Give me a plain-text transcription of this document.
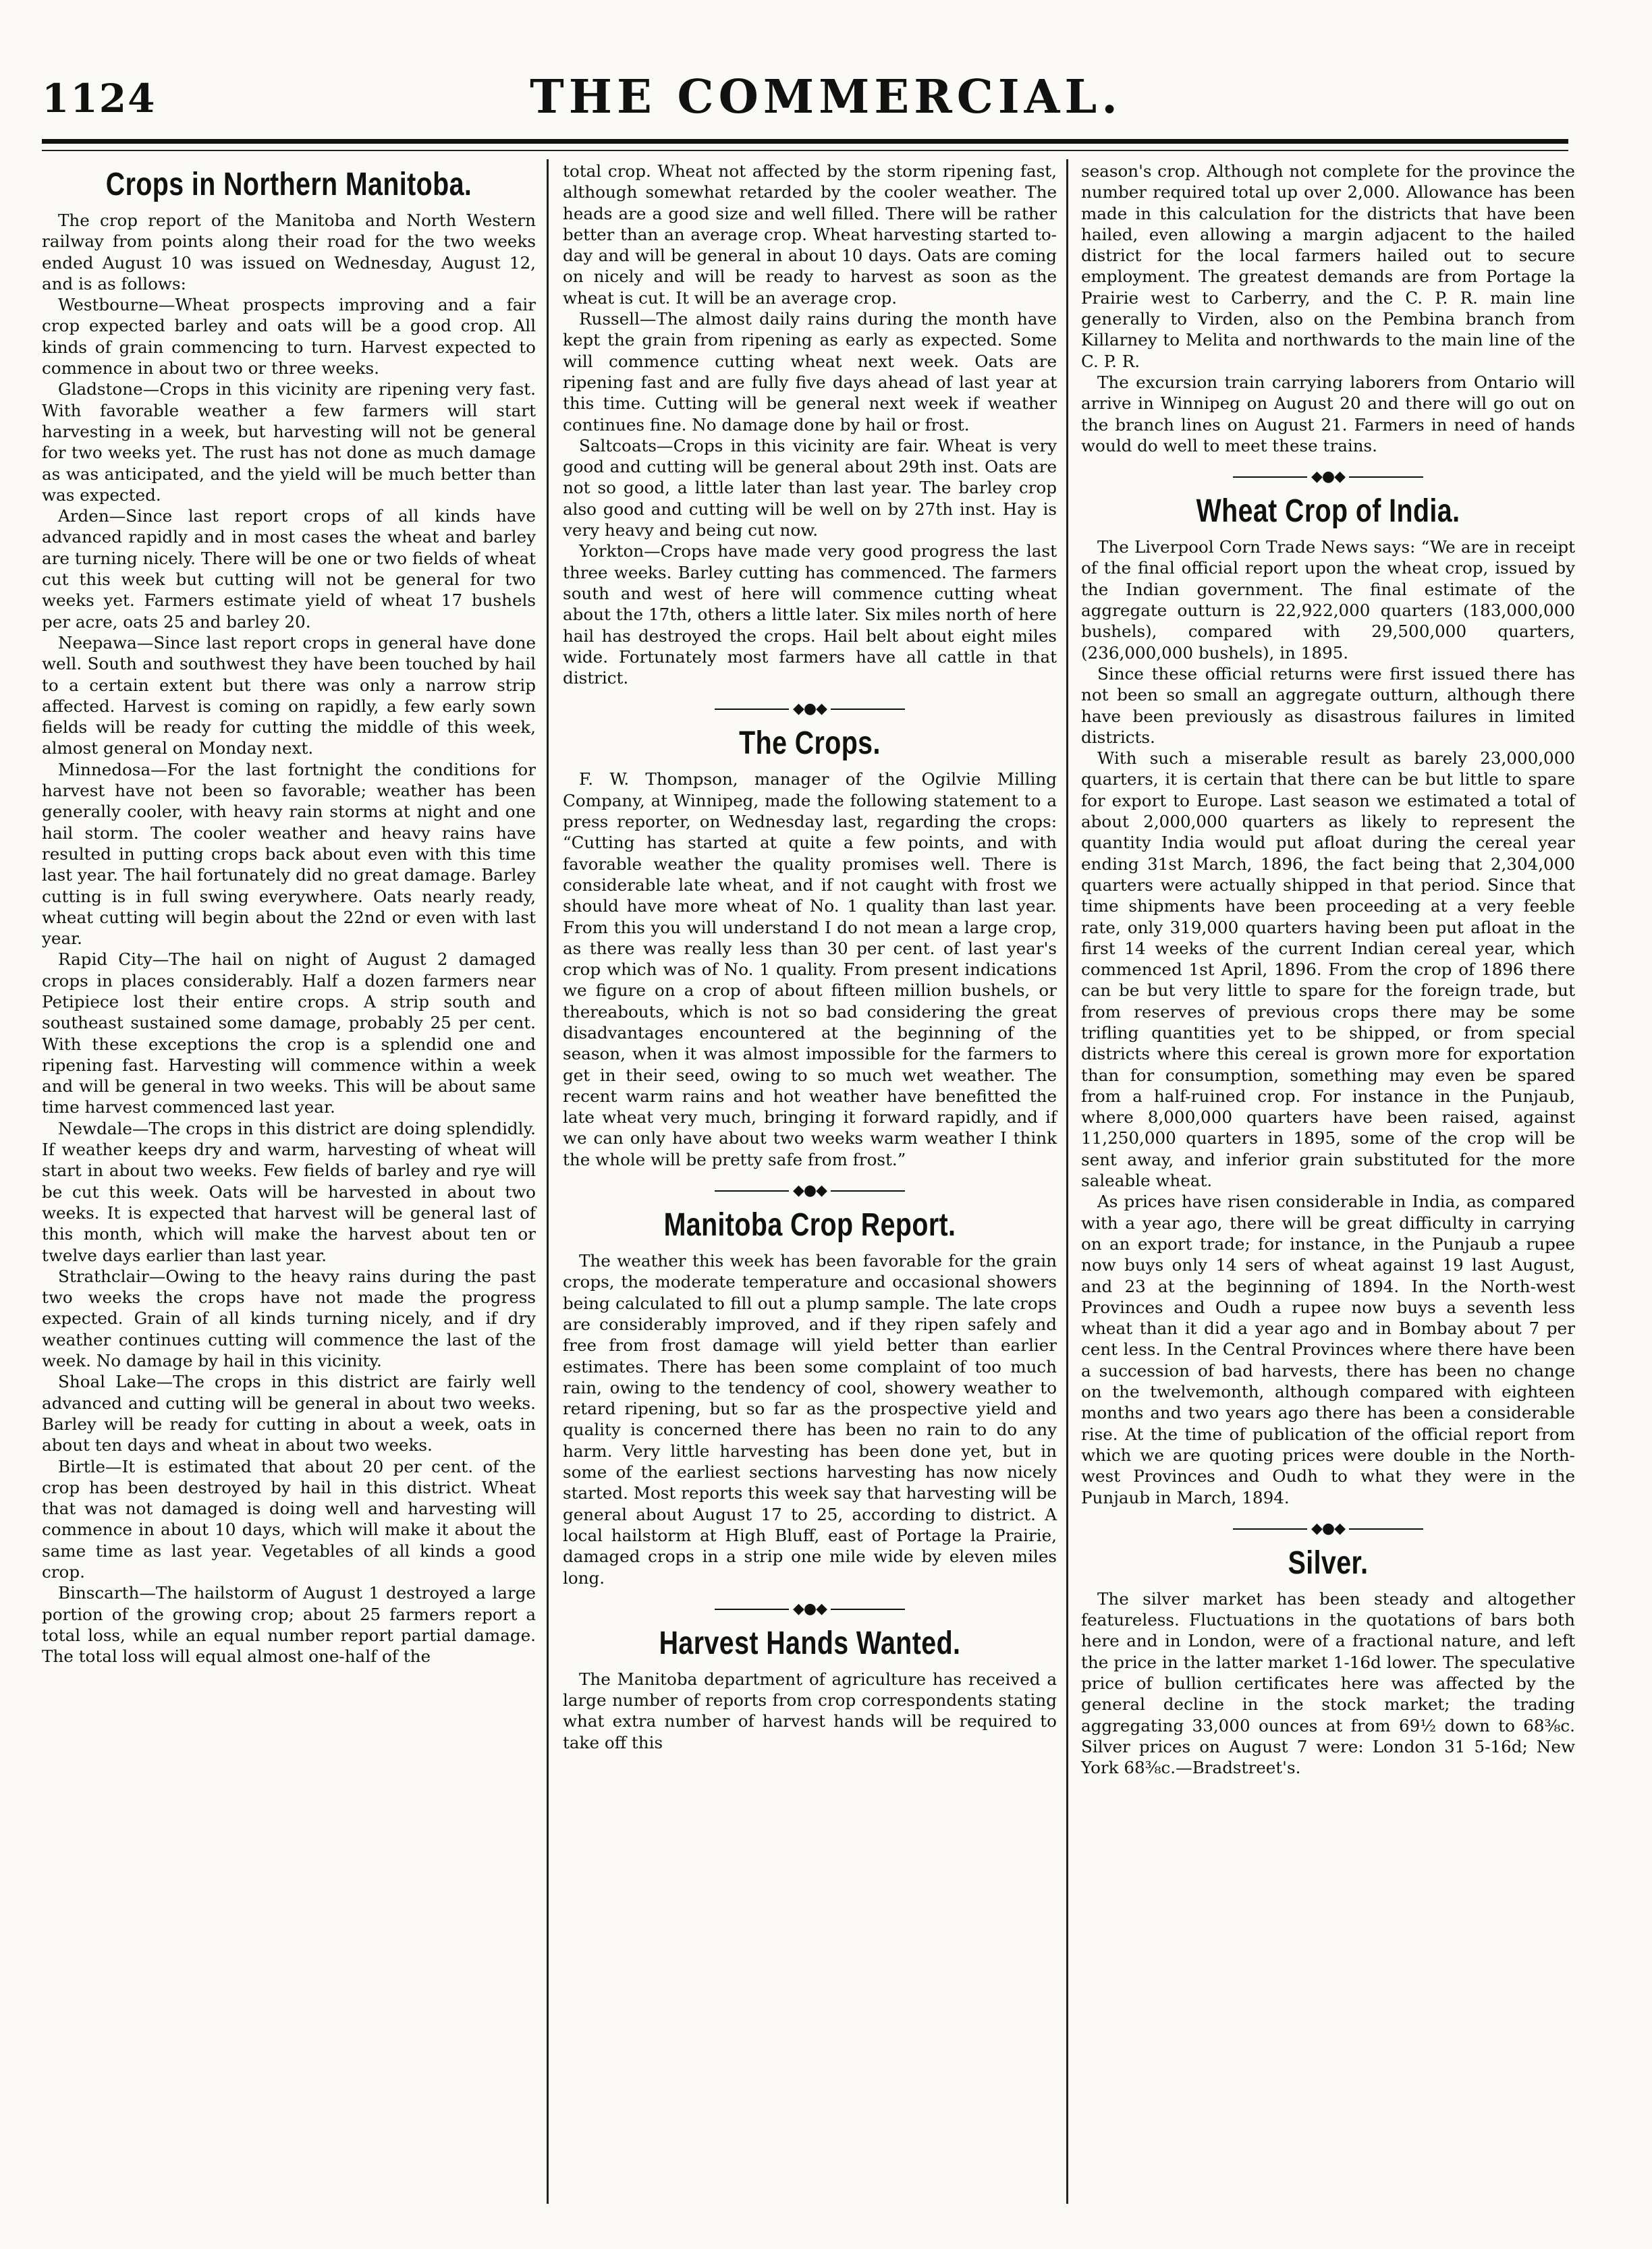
1124	THE COMMERCIAL.
Crops in Northern Manitoba.

The crop report of the Manitoba and North Western railway from points along their road for the two weeks ended August 10 was issued on Wednesday, August 12, and is as follows:

Westbourne—Wheat prospects improving and a fair crop expected barley and oats will be a good crop. All kinds of grain commencing to turn. Harvest expected to commence in about two or three weeks.

Gladstone—Crops in this vicinity are ripening very fast. With favorable weather a few farmers will start harvesting in a week, but harvesting will not be general for two weeks yet. The rust has not done as much damage as was anticipated, and the yield will be much better than was expected.

Arden—Since last report crops of all kinds have advanced rapidly and in most cases the wheat and barley are turning nicely. There will be one or two fields of wheat cut this week but cutting will not be general for two weeks yet. Farmers estimate yield of wheat 17 bushels per acre, oats 25 and barley 20.

Neepawa—Since last report crops in general have done well. South and southwest they have been touched by hail to a certain extent but there was only a narrow strip affected. Harvest is coming on rapidly, a few early sown fields will be ready for cutting the middle of this week, almost general on Monday next.

Minnedosa—For the last fortnight the conditions for harvest have not been so favorable; weather has been generally cooler, with heavy rain storms at night and one hail storm. The cooler weather and heavy rains have resulted in putting crops back about even with this time last year. The hail fortunately did no great damage. Barley cutting is in full swing everywhere. Oats nearly ready, wheat cutting will begin about the 22nd or even with last year.

Rapid City—The hail on night of August 2 damaged crops in places considerably. Half a dozen farmers near Petipiece lost their entire crops. A strip south and southeast sustained some damage, probably 25 per cent. With these exceptions the crop is a splendid one and ripening fast. Harvesting will commence within a week and will be general in two weeks. This will be about same time harvest commenced last year.

Newdale—The crops in this district are doing splendidly. If weather keeps dry and warm, harvesting of wheat will start in about two weeks. Few fields of barley and rye will be cut this week. Oats will be harvested in about two weeks. It is expected that harvest will be general last of this month, which will make the harvest about ten or twelve days earlier than last year.

Strathclair—Owing to the heavy rains during the past two weeks the crops have not made the progress expected. Grain of all kinds turning nicely, and if dry weather continues cutting will commence the last of the week. No damage by hail in this vicinity.

Shoal Lake—The crops in this district are fairly well advanced and cutting will be general in about two weeks. Barley will be ready for cutting in about a week, oats in about ten days and wheat in about two weeks.

Birtle—It is estimated that about 20 per cent. of the crop has been destroyed by hail in this district. Wheat that was not damaged is doing well and harvesting will commence in about 10 days, which will make it about the same time as last year. Vegetables of all kinds a good crop.

Binscarth—The hailstorm of August 1 destroyed a large portion of the growing crop; about 25 farmers report a total loss, while an equal number report partial damage. The total loss will equal almost one-half of the

total crop. Wheat not affected by the storm ripening fast, although somewhat retarded by the cooler weather. The heads are a good size and well filled. There will be rather better than an average crop. Wheat harvesting started to-day and will be general in about 10 days. Oats are coming on nicely and will be ready to harvest as soon as the wheat is cut. It will be an average crop.

Russell—The almost daily rains during the month have kept the grain from ripening as early as expected. Some will commence cutting wheat next week. Oats are ripening fast and are fully five days ahead of last year at this time. Cutting will be general next week if weather continues fine. No damage done by hail or frost.

Saltcoats—Crops in this vicinity are fair. Wheat is very good and cutting will be general about 29th inst. Oats are not so good, a little later than last year. The barley crop also good and cutting will be well on by 27th inst. Hay is very heavy and being cut now.

Yorkton—Crops have made very good progress the last three weeks. Barley cutting has commenced. The farmers south and west of here will commence cutting wheat about the 17th, others a little later. Six miles north of here hail has destroyed the crops. Hail belt about eight miles wide. Fortunately most farmers have all cattle in that district.

◆●◆
The Crops.

F. W. Thompson, manager of the Ogilvie Milling Company, at Winnipeg, made the following statement to a press reporter, on Wednesday last, regarding the crops: “Cutting has started at quite a few points, and with favorable weather the quality promises well. There is considerable late wheat, and if not caught with frost we should have more wheat of No. 1 quality than last year. From this you will understand I do not mean a large crop, as there was really less than 30 per cent. of last year's crop which was of No. 1 quality. From present indications we figure on a crop of about fifteen million bushels, or thereabouts, which is not so bad considering the great disadvantages encountered at the beginning of the season, when it was almost impossible for the farmers to get in their seed, owing to so much wet weather. The recent warm rains and hot weather have benefitted the late wheat very much, bringing it forward rapidly, and if we can only have about two weeks warm weather I think the whole will be pretty safe from frost.”

◆●◆
Manitoba Crop Report.

The weather this week has been favorable for the grain crops, the moderate temperature and occasional showers being calculated to fill out a plump sample. The late crops are considerably improved, and if they ripen safely and free from frost damage will yield better than earlier estimates. There has been some complaint of too much rain, owing to the tendency of cool, showery weather to retard ripening, but so far as the prospective yield and quality is concerned there has been no rain to do any harm. Very little harvesting has been done yet, but in some of the earliest sections harvesting has now nicely started. Most reports this week say that harvesting will be general about August 17 to 25, according to district. A local hailstorm at High Bluff, east of Portage la Prairie, damaged crops in a strip one mile wide by eleven miles long.

◆●◆
Harvest Hands Wanted.

The Manitoba department of agriculture has received a large number of reports from crop correspondents stating what extra number of harvest hands will be required to take off this

season's crop. Although not complete for the province the number required total up over 2,000. Allowance has been made in this calculation for the districts that have been hailed, even allowing a margin adjacent to the hailed district for the local farmers hailed out to secure employment. The greatest demands are from Portage la Prairie west to Carberry, and the C. P. R. main line generally to Virden, also on the Pembina branch from Killarney to Melita and northwards to the main line of the C. P. R.

The excursion train carrying laborers from Ontario will arrive in Winnipeg on August 20 and there will go out on the branch lines on August 21. Farmers in need of hands would do well to meet these trains.

◆●◆
Wheat Crop of India.

The Liverpool Corn Trade News says: “We are in receipt of the final official report upon the wheat crop, issued by the Indian government. The final estimate of the aggregate outturn is 22,922,000 quarters (183,000,000 bushels), compared with 29,500,000 quarters, (236,000,000 bushels), in 1895.

Since these official returns were first issued there has not been so small an aggregate outturn, although there have been previously as disastrous failures in limited districts.

With such a miserable result as barely 23,000,000 quarters, it is certain that there can be but little to spare for export to Europe. Last season we estimated a total of about 2,000,000 quarters as likely to represent the quantity India would put afloat during the cereal year ending 31st March, 1896, the fact being that 2,304,000 quarters were actually shipped in that period. Since that time shipments have been proceeding at a very feeble rate, only 319,000 quarters having been put afloat in the first 14 weeks of the current Indian cereal year, which commenced 1st April, 1896. From the crop of 1896 there can be but very little to spare for the foreign trade, but from reserves of previous crops there may be some trifling quantities yet to be shipped, or from special districts where this cereal is grown more for exportation than for consumption, something may even be spared from a half-ruined crop. For instance in the Punjaub, where 8,000,000 quarters have been raised, against 11,250,000 quarters in 1895, some of the crop will be sent away, and inferior grain substituted for the more saleable wheat.

As prices have risen considerable in India, as compared with a year ago, there will be great difficulty in carrying on an export trade; for instance, in the Punjaub a rupee now buys only 14 sers of wheat against 19 last August, and 23 at the beginning of 1894. In the North-west Provinces and Oudh a rupee now buys a seventh less wheat than it did a year ago and in Bombay about 7 per cent less. In the Central Provinces where there have been a succession of bad harvests, there has been no change on the twelvemonth, although compared with eighteen months and two years ago there has been a considerable rise. At the time of publication of the official report from which we are quoting prices were double in the North-west Provinces and Oudh to what they were in the Punjaub in March, 1894.

◆●◆
Silver.

The silver market has been steady and altogether featureless. Fluctuations in the quotations of bars both here and in London, were of a fractional nature, and left the price in the latter market 1-16d lower. The speculative price of bullion certificates here was affected by the general decline in the stock market; the trading aggregating 33,000 ounces at from 69½ down to 68⅜c. Silver prices on August 7 were: London 31 5-16d; New York 68⅜c.—Bradstreet's.
